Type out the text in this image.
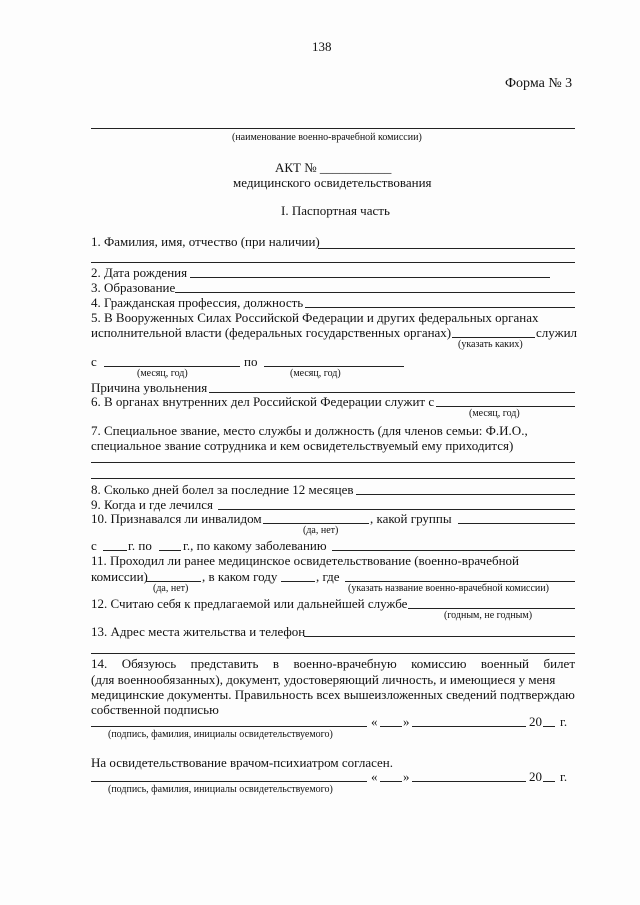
138
Форма № 3
(наименование военно-врачебной комиссии)
АКТ № ___________
медицинского освидетельствования
I. Паспортная часть
1. Фамилия, имя, отчество (при наличии)
2. Дата рождения
3. Образование
4. Гражданская профессия, должность
5. В Вооруженных Силах Российской Федерации и других федеральных органах
исполнительной власти (федеральных государственных органах)	служил
(указать каких)
с	по
(месяц, год)	(месяц, год)
Причина увольнения
6. В органах внутренних дел Российской Федерации служит с
(месяц, год)
7. Специальное звание, место службы и должность (для членов семьи: Ф.И.О.,
специальное звание сотрудника и кем освидетельствуемый ему приходится)
8. Сколько дней болел за последние 12 месяцев
9. Когда и где лечился
10. Признавался ли инвалидом	, какой группы
(да, нет)
с г. по г., по какому заболеванию
11. Проходил ли ранее медицинское освидетельствование (военно-врачебной
комиссии)	, в каком году	, где
(да, нет)	(указать название военно-врачебной комиссии)
12. Считаю себя к предлагаемой или дальнейшей службе
(годным, не годным)
13. Адрес места жительства и телефон
14. Обязуюсь представить в военно-врачебную комиссию военный билет
(для военнообязанных), документ, удостоверяющий личность, и имеющиеся у меня
медицинские документы. Правильность всех вышеизложенных сведений подтверждаю
собственной подписью
« »	20 г.
(подпись, фамилия, инициалы освидетельствуемого)
На освидетельствование врачом-психиатром согласен.
« »	20 г.
(подпись, фамилия, инициалы освидетельствуемого)
